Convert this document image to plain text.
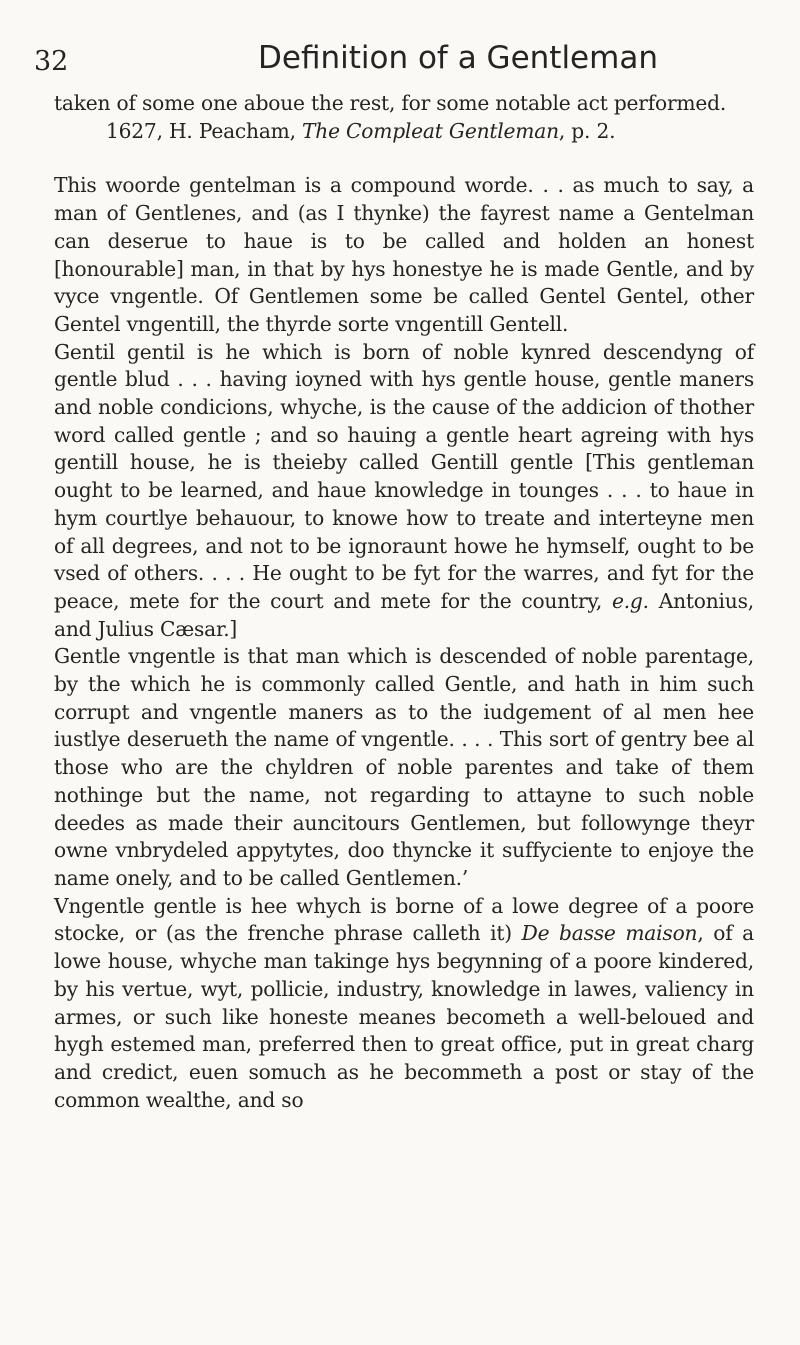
32	Definition of a Gentleman

taken of some one aboue the rest, for some notable act performed.

1627, H. Peacham, The Compleat Gentleman, p. 2.

This woorde gentelman is a compound worde. . . as much to say, a man of Gentlenes, and (as I thynke) the fayrest name a Gentelman can deserue to haue is to be called and holden an honest [honourable] man, in that by hys honestye he is made Gentle, and by vyce vngentle. Of Gentlemen some be called Gentel Gentel, other Gentel vngentill, the thyrde sorte vngentill Gentell.

Gentil gentil is he which is born of noble kynred descendyng of gentle blud . . . having ioyned with hys gentle house, gentle maners and noble condicions, whyche, is the cause of the addicion of thother word called gentle ; and so hauing a gentle heart agreing with hys gentill house, he is theieby called Gentill gentle [This gentleman ought to be learned, and haue knowledge in tounges . . . to haue in hym courtlye behauour, to knowe how to treate and interteyne men of all degrees, and not to be ignoraunt howe he hymself, ought to be vsed of others. . . . He ought to be fyt for the warres, and fyt for the peace, mete for the court and mete for the country, e.g. Antonius, and Julius Cæsar.]

Gentle vngentle is that man which is descended of noble parentage, by the which he is commonly called Gentle, and hath in him such corrupt and vngentle maners as to the iudgement of al men hee iustlye deserueth the name of vngentle. . . . This sort of gentry bee al those who are the chyldren of noble parentes and take of them nothinge but the name, not regarding to attayne to such noble deedes as made their auncitours Gentlemen, but followynge theyr owne vnbrydeled appytytes, doo thyncke it suffyciente to enjoye the name onely, and to be called Gentlemen.’

Vngentle gentle is hee whych is borne of a lowe degree of a poore stocke, or (as the frenche phrase calleth it) De basse maison, of a lowe house, whyche man takinge hys begynning of a poore kindered, by his vertue, wyt, pollicie, industry, knowledge in lawes, valiency in armes, or such like honeste meanes becometh a well-beloued and hygh estemed man, preferred then to great office, put in great charg and credict, euen somuch as he becommeth a post or stay of the common wealthe, and so
